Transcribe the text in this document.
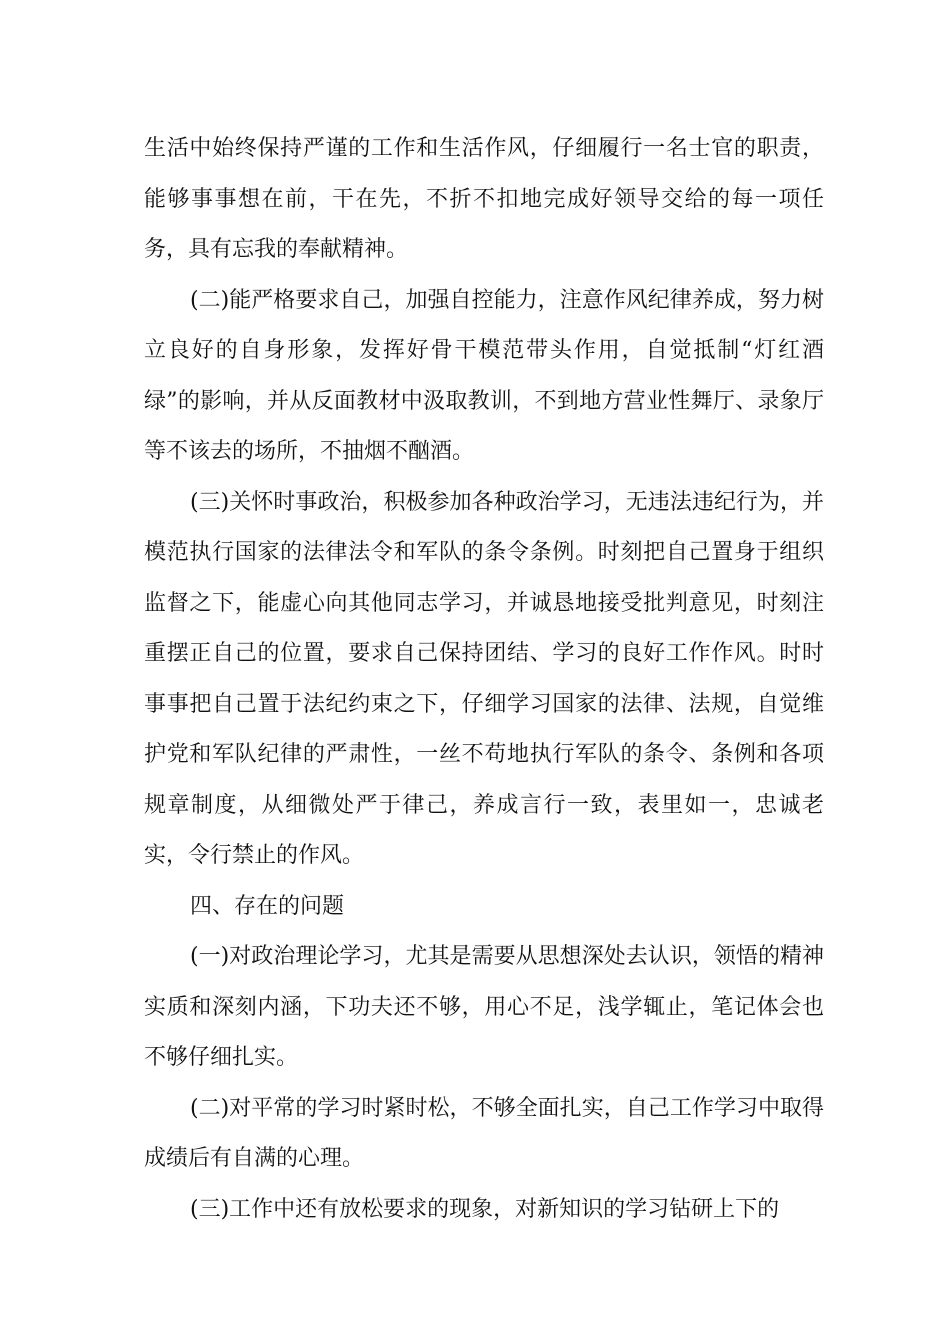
生活中始终保持严谨的工作和生活作风，仔细履行一名士官的职责，能够事事想在前，干在先，不折不扣地完成好领导交给的每一项任务，具有忘我的奉献精神。

(二)能严格要求自己，加强自控能力，注意作风纪律养成，努力树立良好的自身形象，发挥好骨干模范带头作用，自觉抵制“灯红酒绿”的影响，并从反面教材中汲取教训，不到地方营业性舞厅、录象厅等不该去的场所，不抽烟不酗酒。

(三)关怀时事政治，积极参加各种政治学习，无违法违纪行为，并模范执行国家的法律法令和军队的条令条例。时刻把自己置身于组织监督之下，能虚心向其他同志学习，并诚恳地接受批判意见，时刻注重摆正自己的位置，要求自己保持团结、学习的良好工作作风。时时事事把自己置于法纪约束之下，仔细学习国家的法律、法规，自觉维护党和军队纪律的严肃性，一丝不苟地执行军队的条令、条例和各项规章制度，从细微处严于律己，养成言行一致，表里如一，忠诚老实，令行禁止的作风。

四、存在的问题

(一)对政治理论学习，尤其是需要从思想深处去认识，领悟的精神实质和深刻内涵，下功夫还不够，用心不足，浅学辄止，笔记体会也不够仔细扎实。

(二)对平常的学习时紧时松，不够全面扎实，自己工作学习中取得成绩后有自满的心理。

(三)工作中还有放松要求的现象，对新知识的学习钻研上下的
